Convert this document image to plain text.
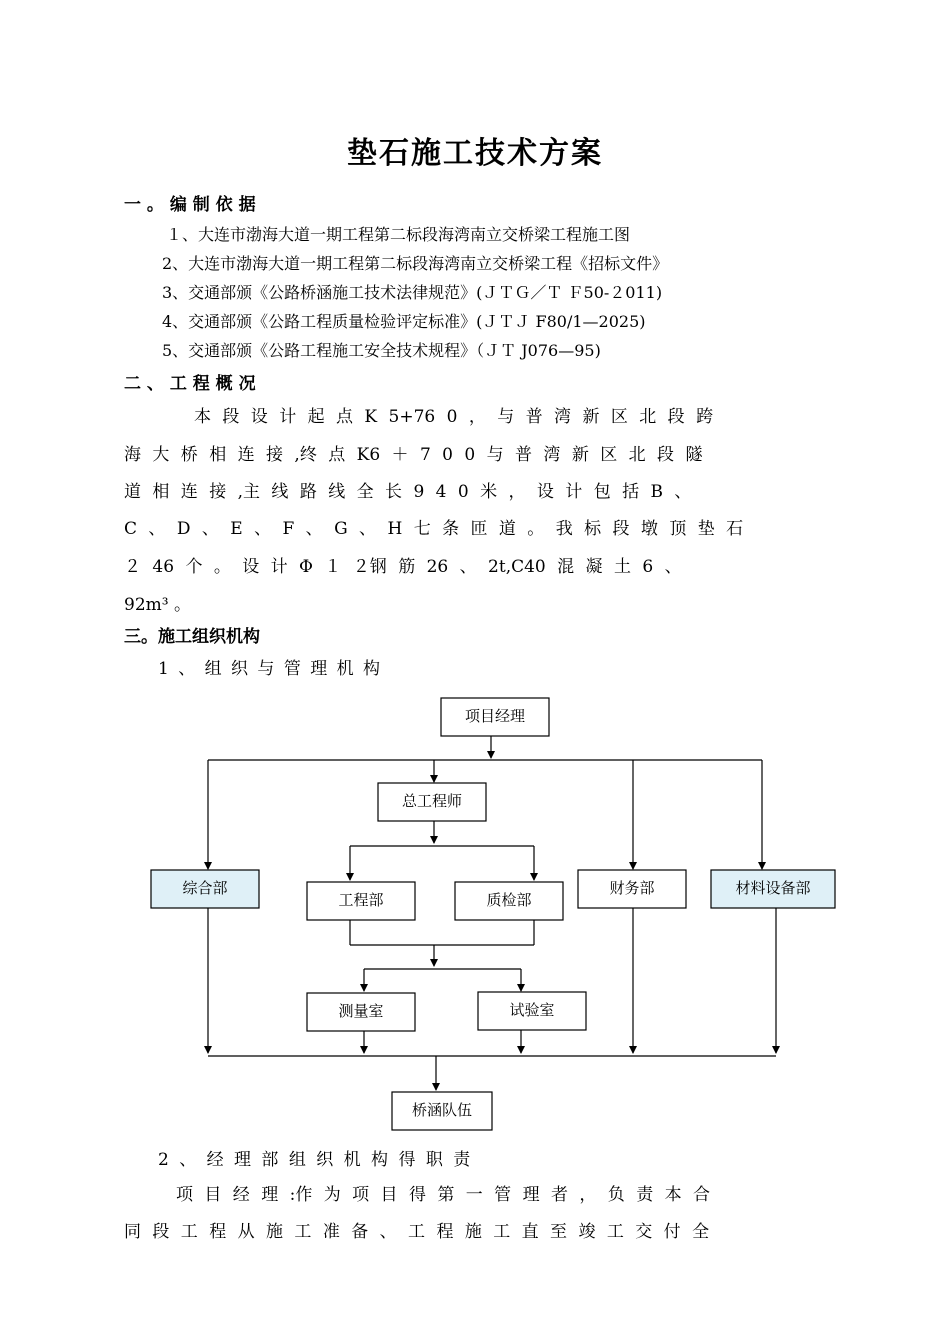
垫石施工技术方案
一 。 编 制 依 据
１、大连市渤海大道一期工程第二标段海湾南立交桥梁工程施工图
2、大连市渤海大道一期工程第二标段海湾南立交桥梁工程《招标文件》
3、交通部颁《公路桥涵施工技术法律规范》(ＪＴＧ／Ｔ Ｆ50-２011)
4、交通部颁《公路工程质量检验评定标准》(ＪＴＪ F80/1—2025)
5、交通部颁《公路工程施工安全技术规程》（ＪＴ J076—95)
二 、 工 程 概 况
本 段 设 计 起 点 K 5+76 0 ， 与 普 湾 新 区 北 段 跨
海 大 桥 相 连 接 ,终 点 K6 ＋ 7 0 0 与 普 湾 新 区 北 段 隧
道 相 连 接 ,主 线 路 线 全 长 9 4 0 米 ， 设 计 包 括 B 、
C 、 D 、 E 、 F 、 G 、 H 七 条 匝 道 。 我 标 段 墩 顶 垫 石
２ 46 个 。 设 计 Φ １ ２钢 筋 26 、 2t,C40 混 凝 土 6 、
92m³ 。
三。施工组织机构
1 、 组 织 与 管 理 机 构
项目经理
总工程师
综合部
工程部	质检部
财务部	材料设备部
测量室	试验室
桥涵队伍
2 、 经 理 部 组 织 机 构 得 职 责
项 目 经 理 :作 为 项 目 得 第 一 管 理 者 ， 负 责 本 合
同 段 工 程 从 施 工 准 备 、 工 程 施 工 直 至 竣 工 交 付 全
